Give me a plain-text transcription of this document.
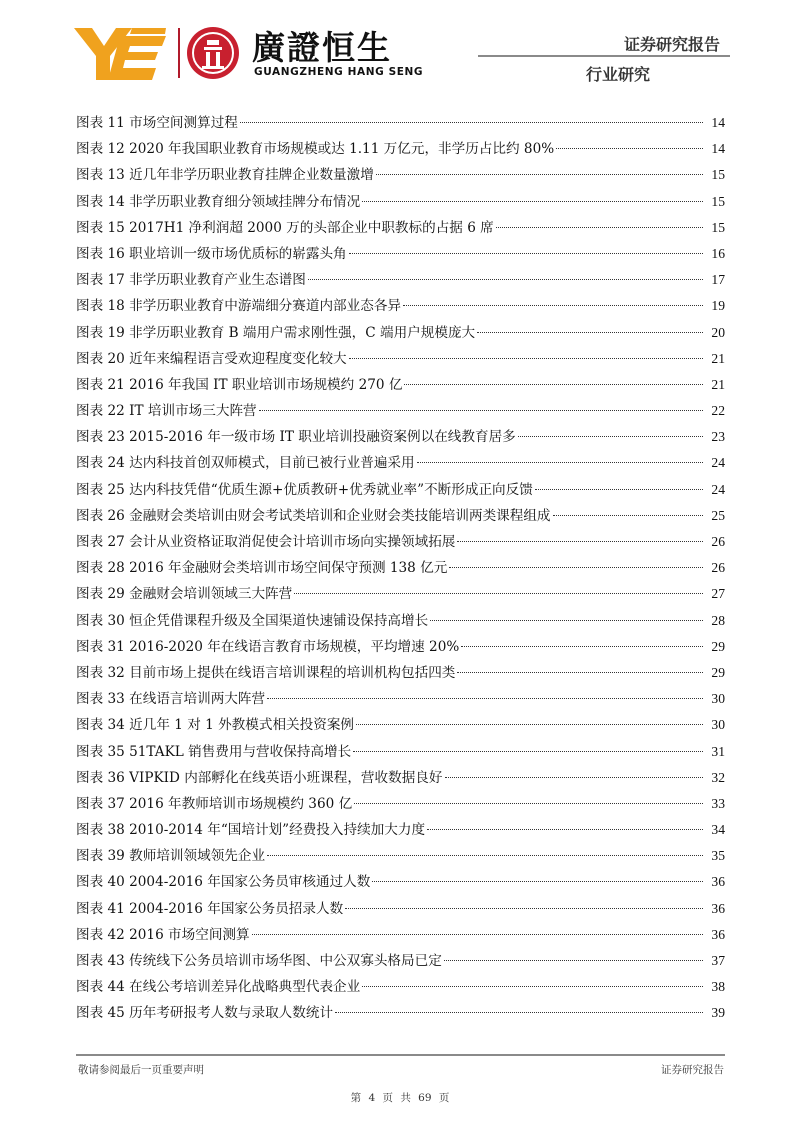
廣證恒生
GUANGZHENG HANG SENG
证券研究报告
行业研究
图表 11 市场空间测算过程	14
图表 12 2020 年我国职业教育市场规模或达 1.11 万亿元，非学历占比约 80%	14
图表 13 近几年非学历职业教育挂牌企业数量激增	15
图表 14 非学历职业教育细分领域挂牌分布情况	15
图表 15 2017H1 净利润超 2000 万的头部企业中职教标的占据 6 席	15
图表 16 职业培训一级市场优质标的崭露头角	16
图表 17 非学历职业教育产业生态谱图	17
图表 18 非学历职业教育中游端细分赛道内部业态各异	19
图表 19 非学历职业教育 B 端用户需求刚性强，C 端用户规模庞大	20
图表 20 近年来编程语言受欢迎程度变化较大	21
图表 21 2016 年我国 IT 职业培训市场规模约 270 亿	21
图表 22 IT 培训市场三大阵营	22
图表 23 2015-2016 年一级市场 IT 职业培训投融资案例以在线教育居多	23
图表 24 达内科技首创双师模式，目前已被行业普遍采用	24
图表 25 达内科技凭借“优质生源+优质教研+优秀就业率”不断形成正向反馈	24
图表 26 金融财会类培训由财会考试类培训和企业财会类技能培训两类课程组成	25
图表 27 会计从业资格证取消促使会计培训市场向实操领域拓展	26
图表 28 2016 年金融财会类培训市场空间保守预测 138 亿元	26
图表 29 金融财会培训领域三大阵营	27
图表 30 恒企凭借课程升级及全国渠道快速铺设保持高增长	28
图表 31 2016-2020 年在线语言教育市场规模，平均增速 20%	29
图表 32 目前市场上提供在线语言培训课程的培训机构包括四类	29
图表 33 在线语言培训两大阵营	30
图表 34 近几年 1 对 1 外教模式相关投资案例	30
图表 35 51TAKL 销售费用与营收保持高增长	31
图表 36 VIPKID 内部孵化在线英语小班课程，营收数据良好	32
图表 37 2016 年教师培训市场规模约 360 亿	33
图表 38 2010-2014 年“国培计划”经费投入持续加大力度	34
图表 39 教师培训领域领先企业	35
图表 40 2004-2016 年国家公务员审核通过人数	36
图表 41 2004-2016 年国家公务员招录人数	36
图表 42 2016 市场空间测算	36
图表 43 传统线下公务员培训市场华图、中公双寡头格局已定	37
图表 44 在线公考培训差异化战略典型代表企业	38
图表 45 历年考研报考人数与录取人数统计	39
敬请参阅最后一页重要声明	证券研究报告
第 4 页 共 69 页
